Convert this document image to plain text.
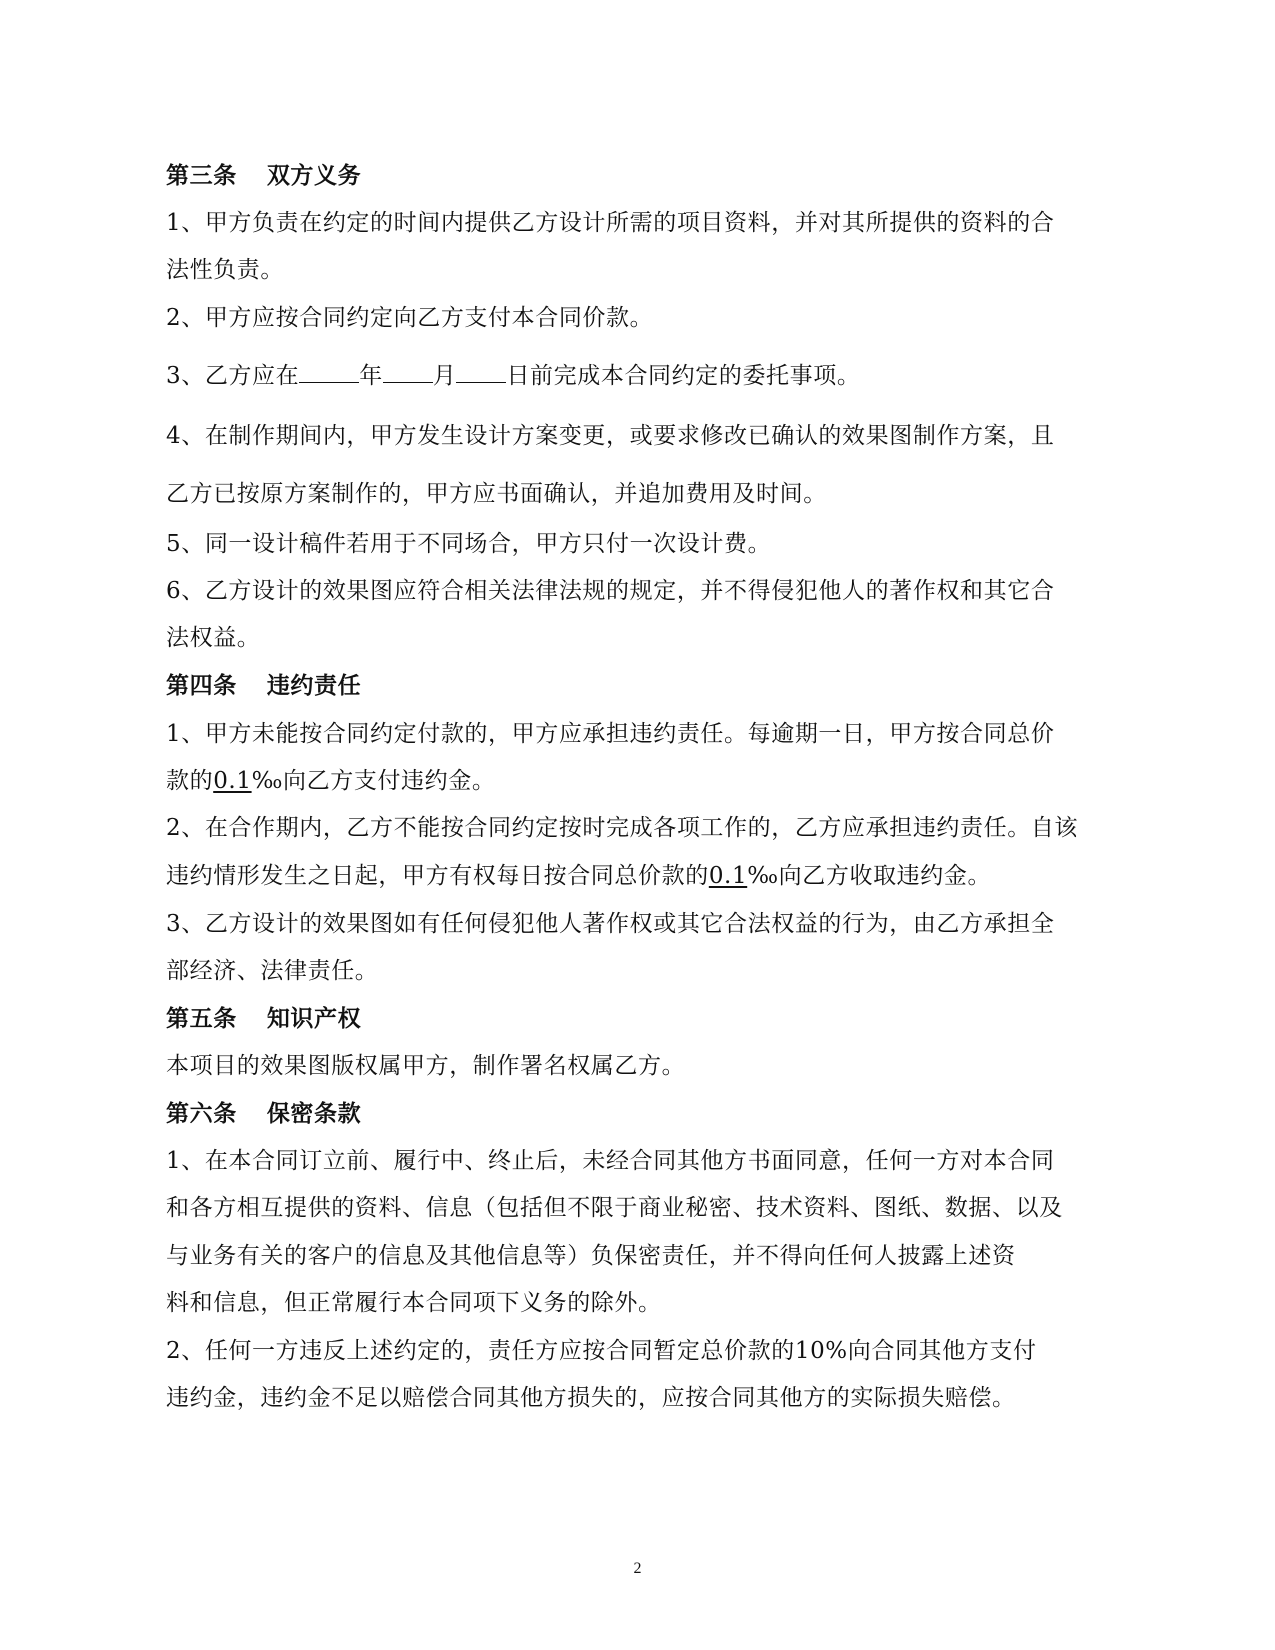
第三条 双方义务
1、甲方负责在约定的时间内提供乙方设计所需的项目资料，并对其所提供的资料的合
法性负责。
2、甲方应按合同约定向乙方支付本合同价款。
3、乙方应在	年 月 日前完成本合同约定的委托事项。
4、在制作期间内，甲方发生设计方案变更，或要求修改已确认的效果图制作方案，且
乙方已按原方案制作的，甲方应书面确认，并追加费用及时间。
5、同一设计稿件若用于不同场合，甲方只付一次设计费。
6、乙方设计的效果图应符合相关法律法规的规定，并不得侵犯他人的著作权和其它合
法权益。
第四条 违约责任
1、甲方未能按合同约定付款的，甲方应承担违约责任。每逾期一日，甲方按合同总价
款的0.1‰向乙方支付违约金。
2、在合作期内，乙方不能按合同约定按时完成各项工作的，乙方应承担违约责任。自该
违约情形发生之日起，甲方有权每日按合同总价款的0.1‰向乙方收取违约金。
3、乙方设计的效果图如有任何侵犯他人著作权或其它合法权益的行为，由乙方承担全
部经济、法律责任。
第五条 知识产权
本项目的效果图版权属甲方，制作署名权属乙方。
第六条 保密条款
1、在本合同订立前、履行中、终止后，未经合同其他方书面同意，任何一方对本合同
和各方相互提供的资料、信息（包括但不限于商业秘密、技术资料、图纸、数据、以及
与业务有关的客户的信息及其他信息等）负保密责任，并不得向任何人披露上述资
料和信息，但正常履行本合同项下义务的除外。
2、任何一方违反上述约定的，责任方应按合同暂定总价款的10%向合同其他方支付
违约金，违约金不足以赔偿合同其他方损失的，应按合同其他方的实际损失赔偿。
2
